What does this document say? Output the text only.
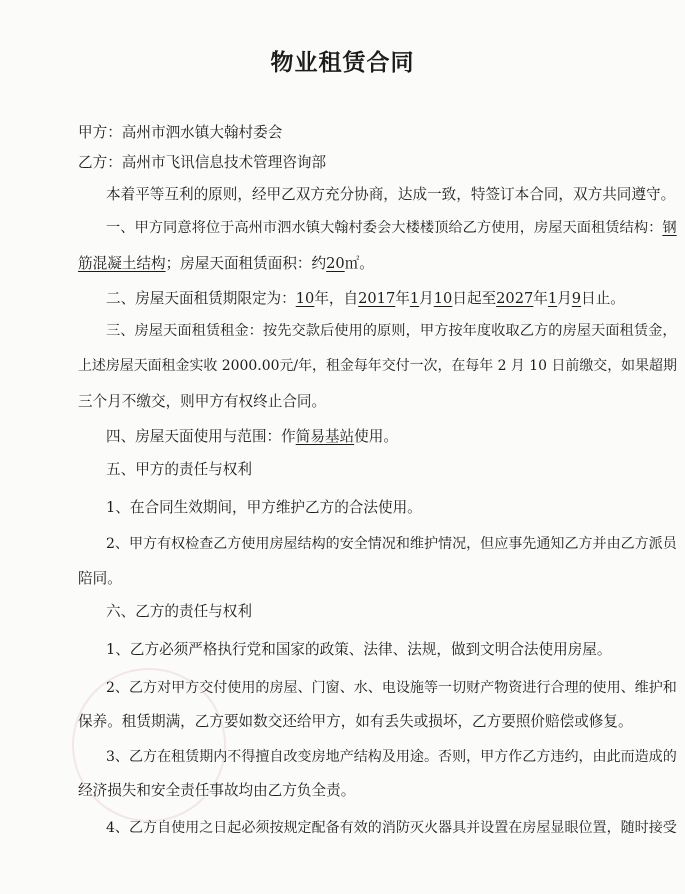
物业租赁合同
甲方：高州市泗水镇大翰村委会
乙方：高州市飞讯信息技术管理咨询部
本着平等互利的原则，经甲乙双方充分协商，达成一致，特签订本合同，双方共同遵守。
一、甲方同意将位于高州市泗水镇大翰村委会大楼楼顶给乙方使用，房屋天面租赁结构：钢
筋混凝土结构；房屋天面租赁面积：约20㎡。
二、房屋天面租赁期限定为：10年，自2017年1月10日起至2027年1月9日止。
三、房屋天面租赁租金：按先交款后使用的原则，甲方按年度收取乙方的房屋天面租赁金，
上述房屋天面租金实收 2000.00元/年，租金每年交付一次，在每年 2 月 10 日前缴交，如果超期
三个月不缴交，则甲方有权终止合同。
四、房屋天面使用与范围：作简易基站使用。
五、甲方的责任与权利
1、在合同生效期间，甲方维护乙方的合法使用。
2、甲方有权检查乙方使用房屋结构的安全情况和维护情况，但应事先通知乙方并由乙方派员
陪同。
六、乙方的责任与权利
1、乙方必须严格执行党和国家的政策、法律、法规，做到文明合法使用房屋。
2、乙方对甲方交付使用的房屋、门窗、水、电设施等一切财产物资进行合理的使用、维护和
保养。租赁期满，乙方要如数交还给甲方，如有丢失或损坏，乙方要照价赔偿或修复。
3、乙方在租赁期内不得擅自改变房地产结构及用途。否则，甲方作乙方违约，由此而造成的
经济损失和安全责任事故均由乙方负全责。
4、乙方自使用之日起必须按规定配备有效的消防灭火器具并设置在房屋显眼位置，随时接受
